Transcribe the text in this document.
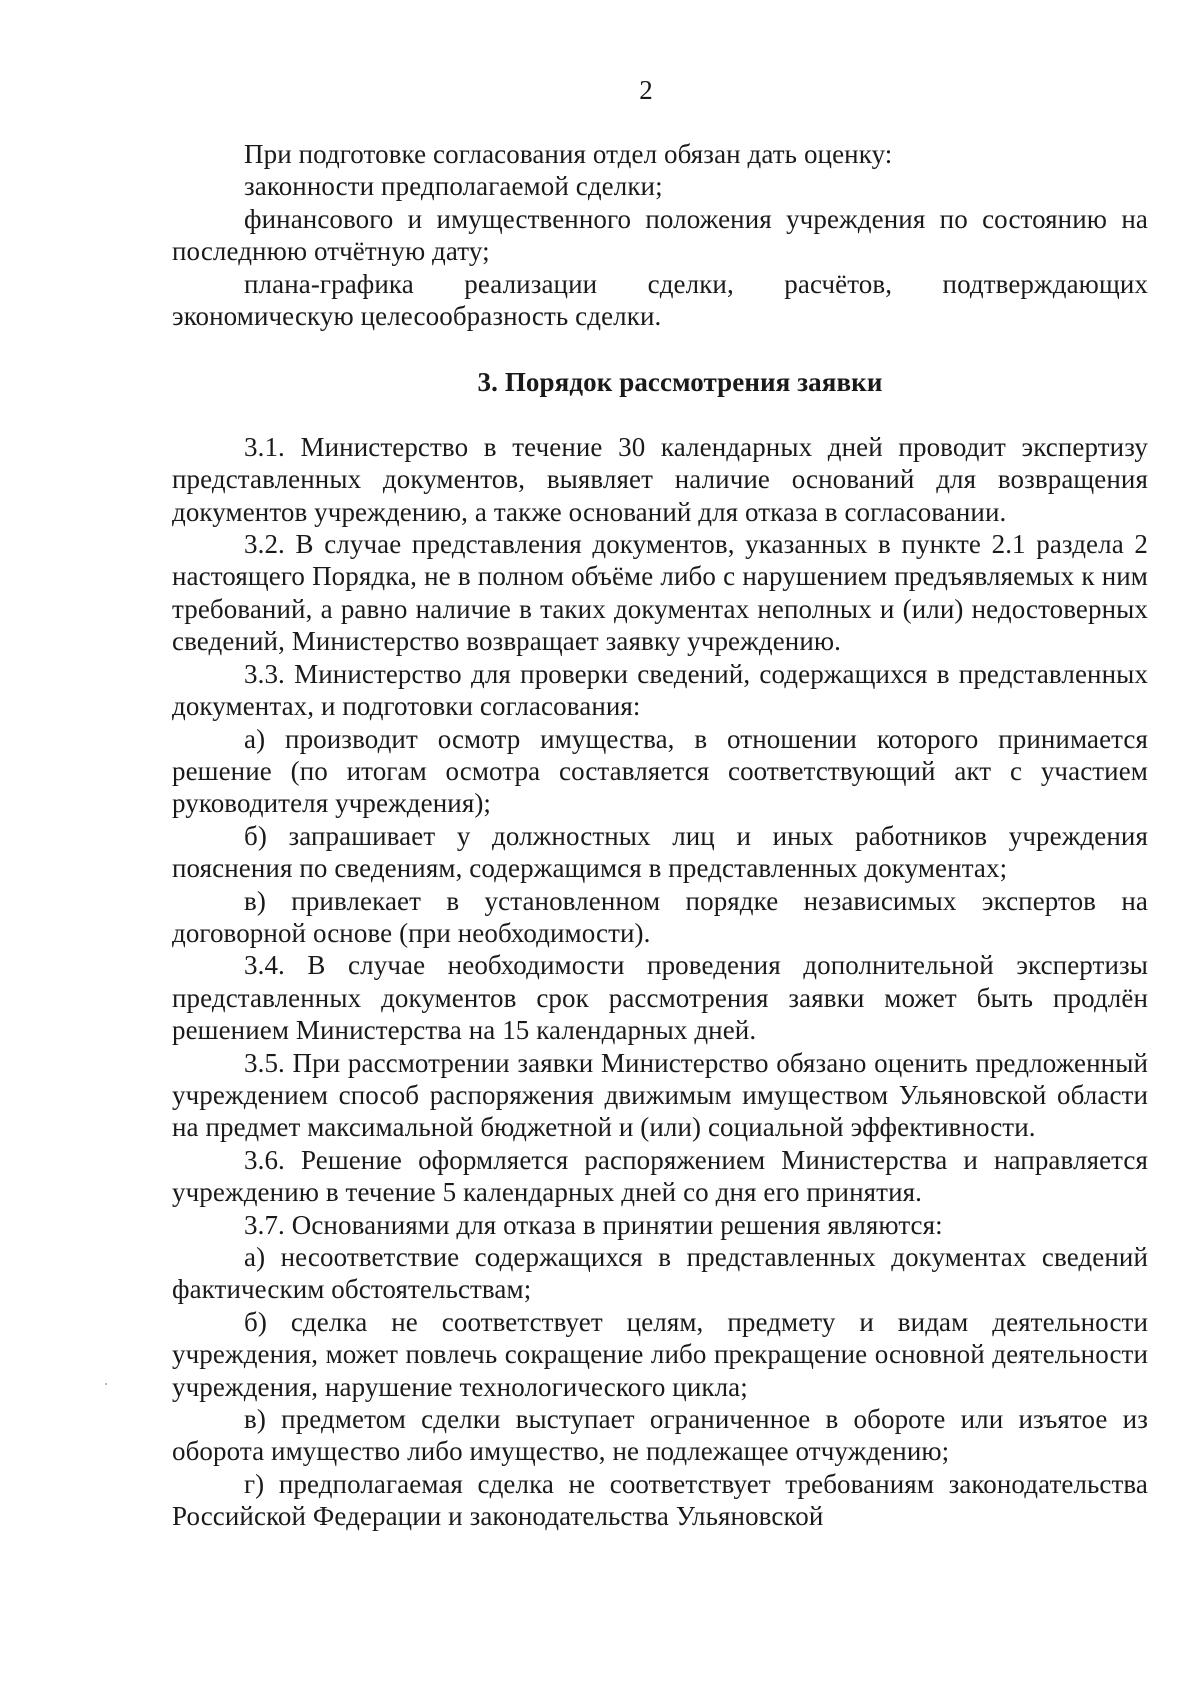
2

При подготовке согласования отдел обязан дать оценку:

законности предполагаемой сделки;

финансового и имущественного положения учреждения по состоянию на последнюю отчётную дату;

плана-графика реализации сделки, расчётов, подтверждающих экономическую целесообразность сделки.

3. Порядок рассмотрения заявки

3.1. Министерство в течение 30 календарных дней проводит экспертизу представленных документов, выявляет наличие оснований для возвращения документов учреждению, а также оснований для отказа в согласовании.

3.2. В случае представления документов, указанных в пункте 2.1 раздела 2 настоящего Порядка, не в полном объёме либо с нарушением предъявляемых к ним требований, а равно наличие в таких документах неполных и (или) недостоверных сведений, Министерство возвращает заявку учреждению.

3.3. Министерство для проверки сведений, содержащихся в представленных документах, и подготовки согласования:

а) производит осмотр имущества, в отношении которого принимается решение (по итогам осмотра составляется соответствующий акт с участием руководителя учреждения);

б) запрашивает у должностных лиц и иных работников учреждения пояснения по сведениям, содержащимся в представленных документах;

в) привлекает в установленном порядке независимых экспертов на договорной основе (при необходимости).

3.4. В случае необходимости проведения дополнительной экспертизы представленных документов срок рассмотрения заявки может быть продлён решением Министерства на 15 календарных дней.

3.5. При рассмотрении заявки Министерство обязано оценить предложенный учреждением способ распоряжения движимым имуществом Ульяновской области на предмет максимальной бюджетной и (или) социальной эффективности.

3.6. Решение оформляется распоряжением Министерства и направляется учреждению в течение 5 календарных дней со дня его принятия.

3.7. Основаниями для отказа в принятии решения являются:

а) несоответствие содержащихся в представленных документах сведений фактическим обстоятельствам;

б) сделка не соответствует целям, предмету и видам деятельности учреждения, может повлечь сокращение либо прекращение основной деятельности учреждения, нарушение технологического цикла;

в) предметом сделки выступает ограниченное в обороте или изъятое из оборота имущество либо имущество, не подлежащее отчуждению;

г) предполагаемая сделка не соответствует требованиям законодательства Российской Федерации и законодательства Ульяновской
